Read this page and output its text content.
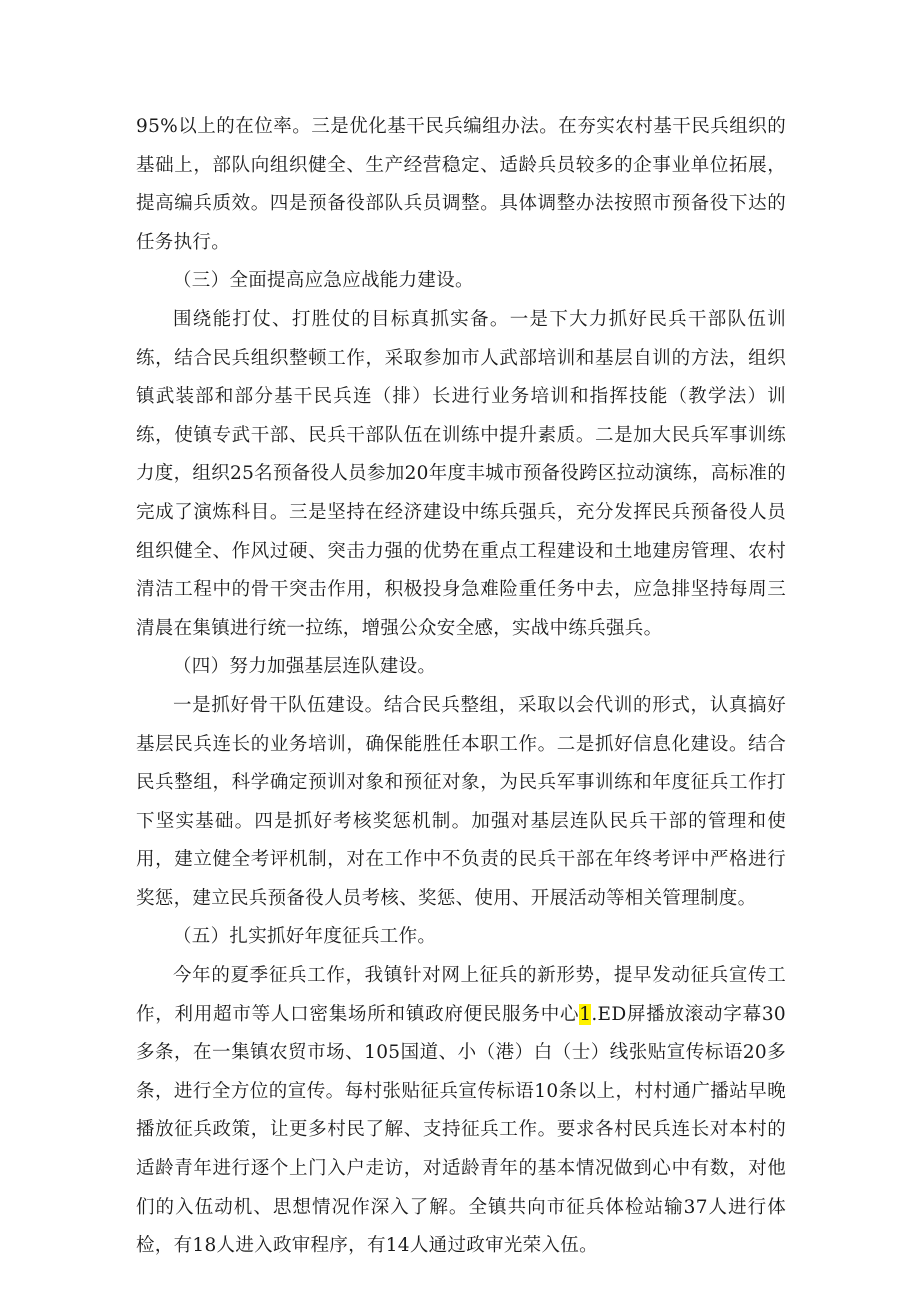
95%以上的在位率。三是优化基干民兵编组办法。在夯实农村基干民兵组织的基础上，部队向组织健全、生产经营稳定、适龄兵员较多的企事业单位拓展，提高编兵质效。四是预备役部队兵员调整。具体调整办法按照市预备役下达的任务执行。

（三）全面提高应急应战能力建设。

围绕能打仗、打胜仗的目标真抓实备。一是下大力抓好民兵干部队伍训练，结合民兵组织整顿工作，采取参加市人武部培训和基层自训的方法，组织镇武装部和部分基干民兵连（排）长进行业务培训和指挥技能（教学法）训练，使镇专武干部、民兵干部队伍在训练中提升素质。二是加大民兵军事训练力度，组织25名预备役人员参加20年度丰城市预备役跨区拉动演练，高标准的完成了演炼科目。三是坚持在经济建设中练兵强兵，充分发挥民兵预备役人员组织健全、作风过硬、突击力强的优势在重点工程建设和土地建房管理、农村清洁工程中的骨干突击作用，积极投身急难险重任务中去，应急排坚持每周三清晨在集镇进行统一拉练，增强公众安全感，实战中练兵强兵。

（四）努力加强基层连队建设。

一是抓好骨干队伍建设。结合民兵整组，采取以会代训的形式，认真搞好基层民兵连长的业务培训，确保能胜任本职工作。二是抓好信息化建设。结合民兵整组，科学确定预训对象和预征对象，为民兵军事训练和年度征兵工作打下坚实基础。四是抓好考核奖惩机制。加强对基层连队民兵干部的管理和使用，建立健全考评机制，对在工作中不负责的民兵干部在年终考评中严格进行奖惩，建立民兵预备役人员考核、奖惩、使用、开展活动等相关管理制度。

（五）扎实抓好年度征兵工作。

今年的夏季征兵工作，我镇针对网上征兵的新形势，提早发动征兵宣传工作，利用超市等人口密集场所和镇政府便民服务中心1.ED屏播放滚动字幕30多条，在一集镇农贸市场、105国道、小（港）白（士）线张贴宣传标语20多条，进行全方位的宣传。每村张贴征兵宣传标语10条以上，村村通广播站早晚播放征兵政策，让更多村民了解、支持征兵工作。要求各村民兵连长对本村的适龄青年进行逐个上门入户走访，对适龄青年的基本情况做到心中有数，对他们的入伍动机、思想情况作深入了解。全镇共向市征兵体检站输37人进行体检，有18人进入政审程序，有14人通过政审光荣入伍。
